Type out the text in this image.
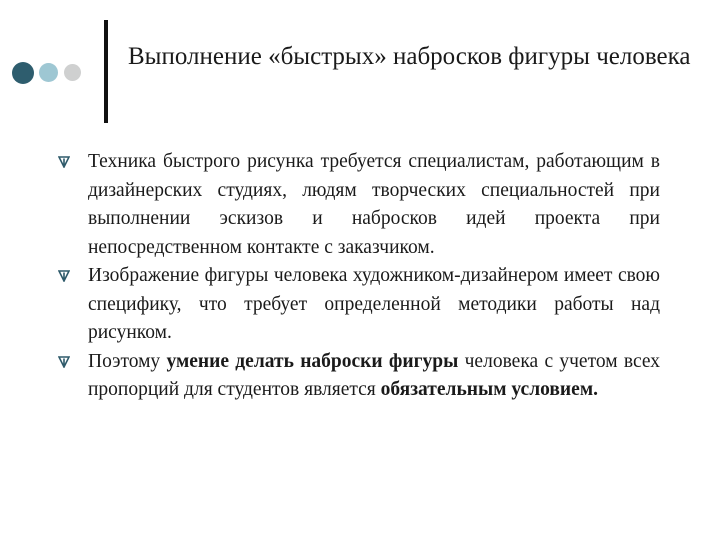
Выполнение «быстрых» набросков фигуры человека
Техника быстрого рисунка требуется специалистам, работающим в дизайнерских студиях, людям творческих специальностей при выполнении эскизов и набросков идей проекта при непосредственном контакте с заказчиком.
Изображение фигуры человека художником-дизайнером имеет свою специфику, что требует определенной методики работы над рисунком.
Поэтому умение делать наброски фигуры человека с учетом всех пропорций для студентов является обязательным условием.
